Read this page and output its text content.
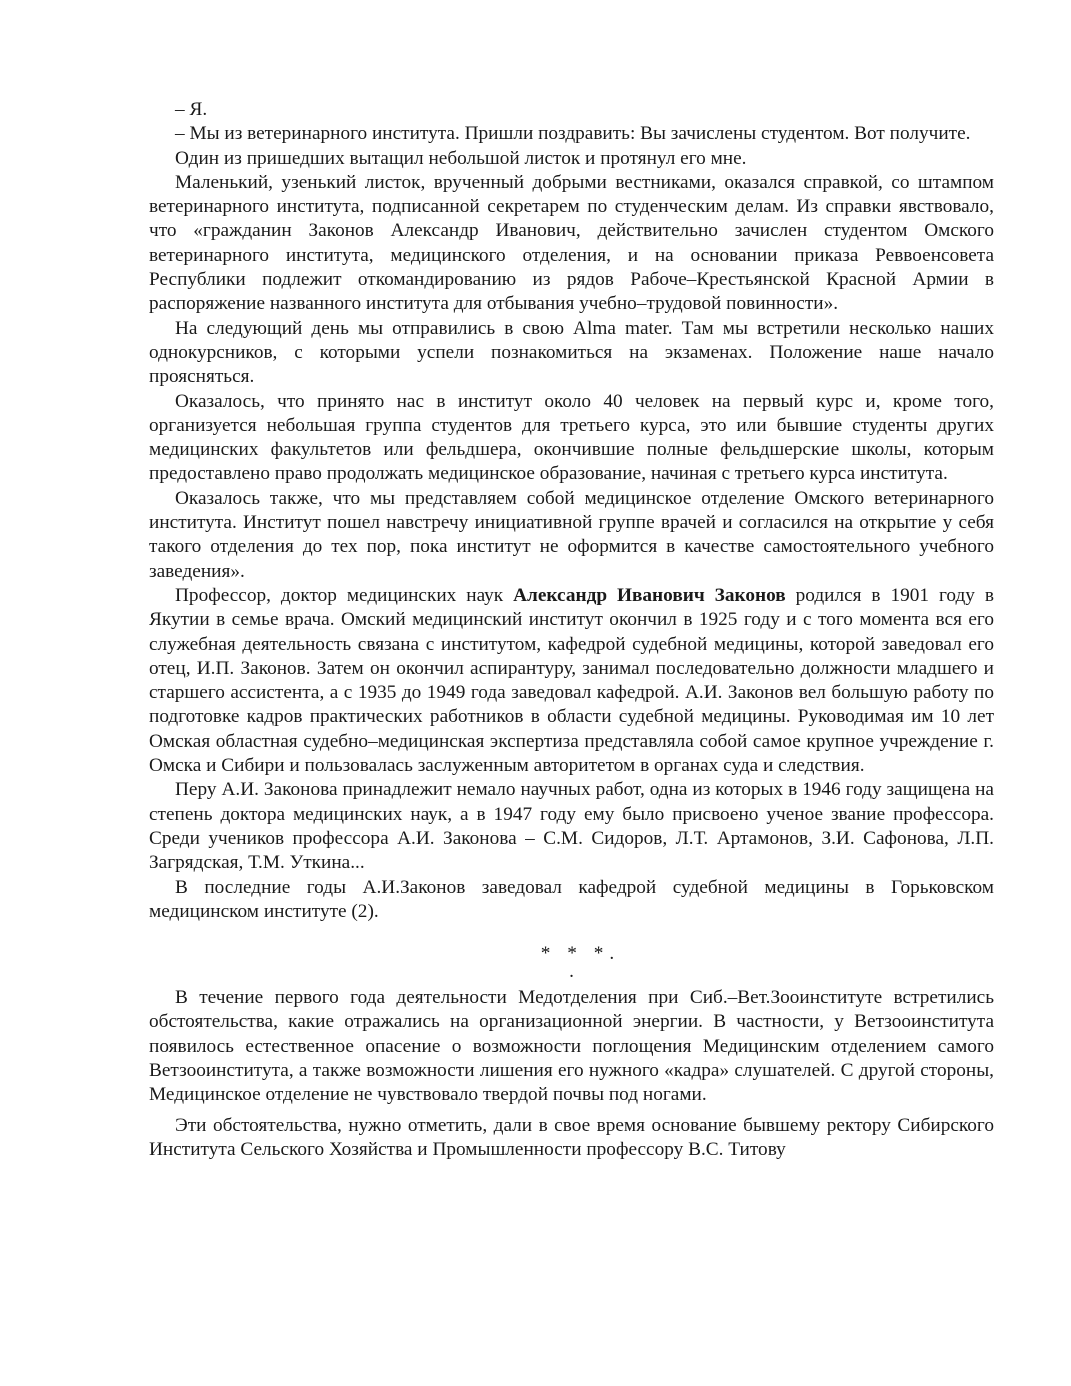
– Я.

– Мы из ветеринарного института. Пришли поздравить: Вы зачислены студентом. Вот получите.

Один из пришедших вытащил небольшой листок и протянул его мне.

Маленький, узенький листок, врученный добрыми вестниками, оказался справкой, со штампом ветеринарного института, подписанной секретарем по студенческим делам. Из справки явствовало, что «гражданин Законов Александр Иванович, действительно зачислен студентом Омского ветеринарного института, медицинского отделения, и на основании приказа Реввоенсовета Республики подлежит откомандированию из рядов Рабоче–Крестьянской Красной Армии в распоряжение названного института для отбывания учебно–трудовой повинности».

На следующий день мы отправились в свою Alma mater. Там мы встретили несколько наших однокурсников, с которыми успели познакомиться на экзаменах. Положение наше начало проясняться.

Оказалось, что принято нас в институт около 40 человек на первый курс и, кроме того, организуется небольшая группа студентов для третьего курса, это или бывшие студенты других медицинских факультетов или фельдшера, окончившие полные фельдшерские школы, которым предоставлено право продолжать медицинское образование, начиная с третьего курса института.

Оказалось также, что мы представляем собой медицинское отделение Омского ветеринарного института. Институт пошел навстречу инициативной группе врачей и согласился на открытие у себя такого отделения до тех пор, пока институт не оформится в качестве самостоятельного учебного заведения».

Профессор, доктор медицинских наук Александр Иванович Законов родился в 1901 году в Якутии в семье врача. Омский медицинский институт окончил в 1925 году и с того момента вся его служебная деятельность связана с институтом, кафедрой судебной медицины, которой заведовал его отец, И.П. Законов. Затем он окончил аспирантуру, занимал последовательно должности младшего и старшего ассистента, а с 1935 до 1949 года заведовал кафедрой. А.И. Законов вел большую работу по подготовке кадров практических работников в области судебной медицины. Руководимая им 10 лет Омская областная судебно–медицинская экспертиза представляла собой самое крупное учреждение г. Омска и Сибири и пользовалась заслуженным авторитетом в органах суда и следствия.

Перу А.И. Законова принадлежит немало научных работ, одна из которых в 1946 году защищена на степень доктора медицинских наук, а в 1947 году ему было присвоено ученое звание профессора. Среди учеников профессора А.И. Законова – С.М. Сидоров, Л.Т. Артамонов, З.И. Сафонова, Л.П. Загрядская, Т.М. Уткина...

В последние годы А.И.Законов заведовал кафедрой судебной медицины в Горьковском медицинском институте (2).

* * *.
.

В течение первого года деятельности Медотделения при Сиб.–Вет.Зооинституте встретились обстоятельства, какие отражались на организационной энергии. В частности, у Ветзооинститута появилось естественное опасение о возможности поглощения Медицинским отделением самого Ветзооинститута, а также возможности лишения его нужного «кадра» слушателей. С другой стороны, Медицинское отделение не чувствовало твердой почвы под ногами.

Эти обстоятельства, нужно отметить, дали в свое время основание бывшему ректору Сибирского Института Сельского Хозяйства и Промышленности профессору В.С. Титову
